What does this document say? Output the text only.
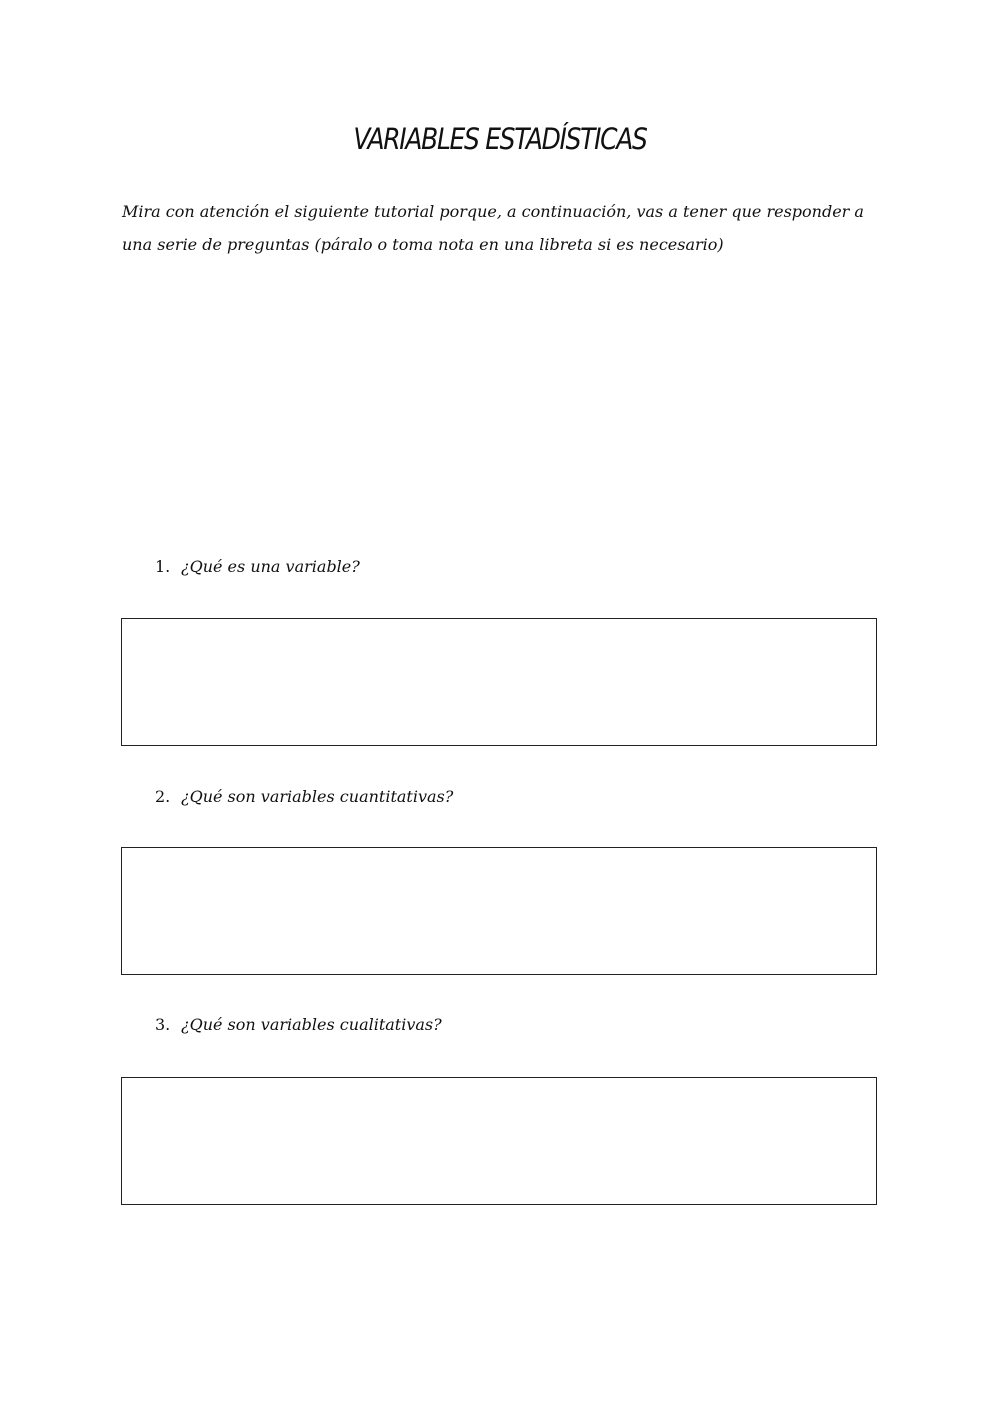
VARIABLES ESTADÍSTICAS

Mira con atención el siguiente tutorial porque, a continuación, vas a tener que responder a una serie de preguntas (páralo o toma nota en una libreta si es necesario)

1. ¿Qué es una variable?

2. ¿Qué son variables cuantitativas?

3. ¿Qué son variables cualitativas?
